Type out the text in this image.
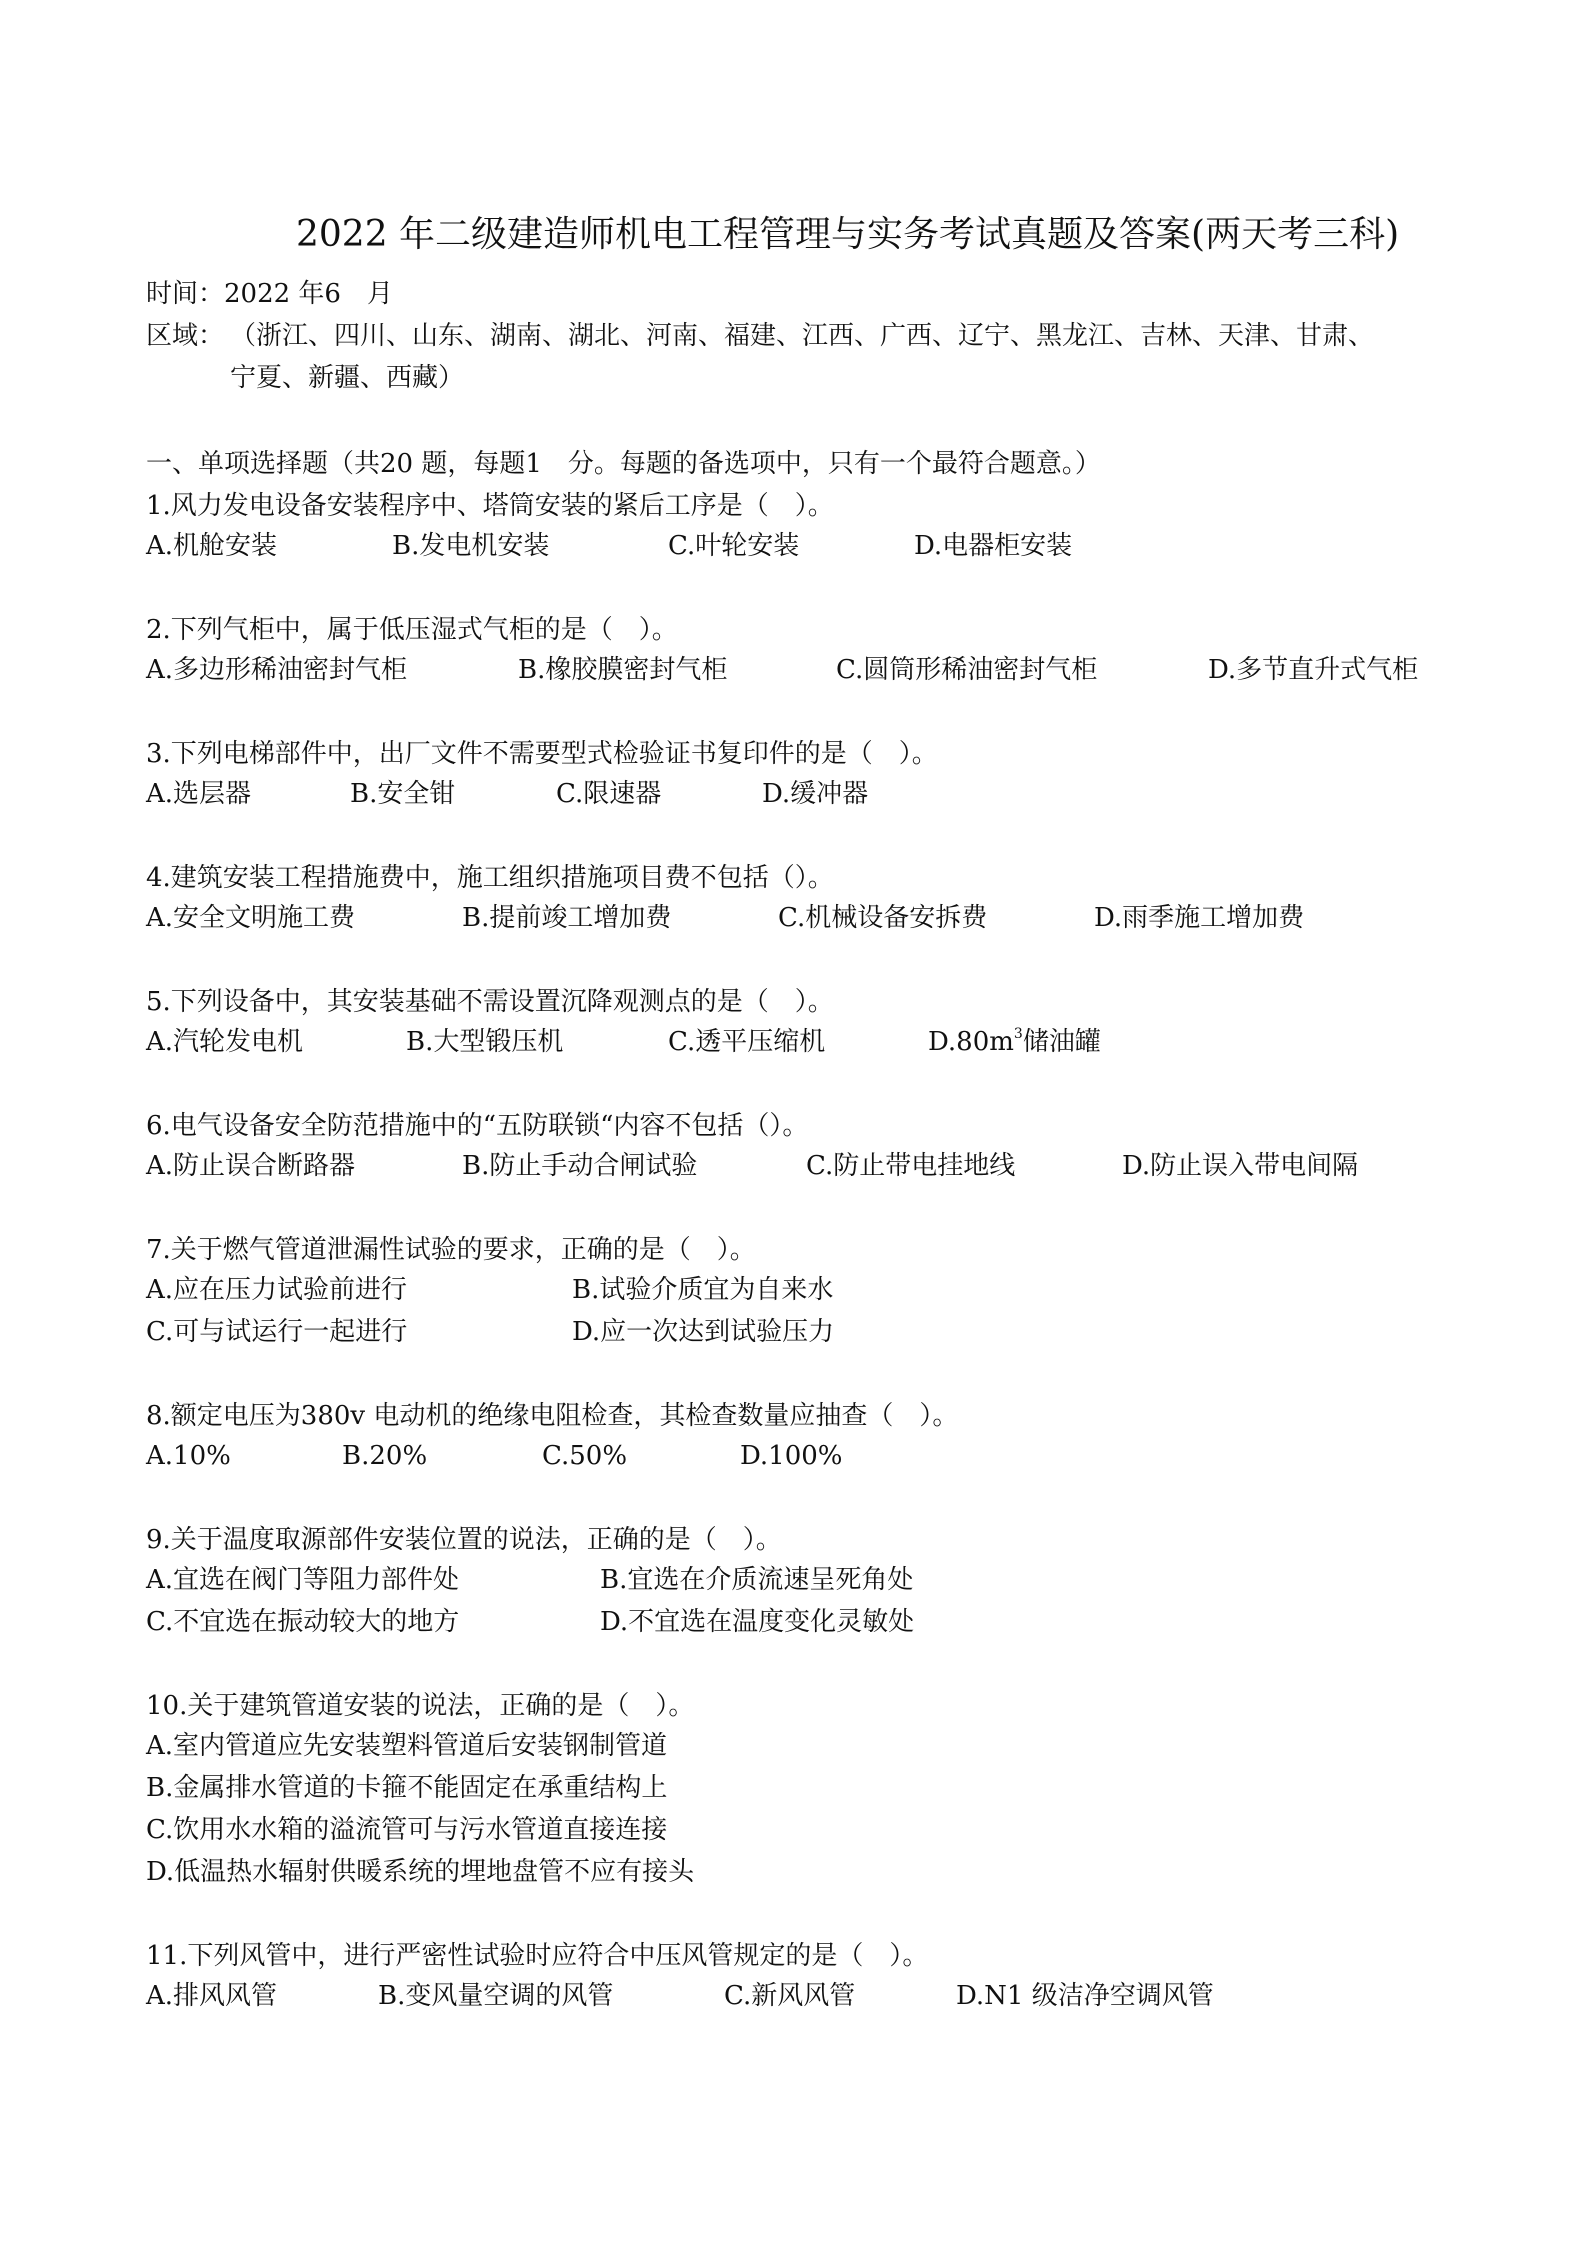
2022 年二级建造师机电工程管理与实务考试真题及答案(两天考三科)
时间：2022 年6　月
区域： （浙江、四川、山东、湖南、湖北、河南、福建、江西、广西、辽宁、黑龙江、吉林、天津、甘肃、
宁夏、新疆、西藏）
一、单项选择题（共20 题，每题1　分。每题的备选项中，只有一个最符合题意。）
1.风力发电设备安装程序中、塔筒安装的紧后工序是（　）。
A.机舱安装	B.发电机安装	C.叶轮安装	D.电器柜安装
2.下列气柜中，属于低压湿式气柜的是（　）。
A.多边形稀油密封气柜	B.橡胶膜密封气柜	C.圆筒形稀油密封气柜	D.多节直升式气柜
3.下列电梯部件中，出厂文件不需要型式检验证书复印件的是（　）。
A.选层器	B.安全钳	C.限速器	D.缓冲器
4.建筑安装工程措施费中，施工组织措施项目费不包括（）。
A.安全文明施工费	B.提前竣工增加费	C.机械设备安拆费	D.雨季施工增加费
5.下列设备中，其安装基础不需设置沉降观测点的是（　）。
A.汽轮发电机	B.大型锻压机	C.透平压缩机	$D.80m^3$储油罐
6.电气设备安全防范措施中的“五防联锁“内容不包括（）。
A.防止误合断路器	B.防止手动合闸试验	C.防止带电挂地线	D.防止误入带电间隔
7.关于燃气管道泄漏性试验的要求，正确的是（　）。
A.应在压力试验前进行	B.试验介质宜为自来水
C.可与试运行一起进行	D.应一次达到试验压力
8.额定电压为380v 电动机的绝缘电阻检查，其检查数量应抽查（　）。
A.10%	B.20%	C.50%	D.100%
9.关于温度取源部件安装位置的说法，正确的是（　）。
A.宜选在阀门等阻力部件处	B.宜选在介质流速呈死角处
C.不宜选在振动较大的地方	D.不宜选在温度变化灵敏处
10.关于建筑管道安装的说法，正确的是（　）。
A.室内管道应先安装塑料管道后安装钢制管道
B.金属排水管道的卡箍不能固定在承重结构上
C.饮用水水箱的溢流管可与污水管道直接连接
D.低温热水辐射供暖系统的埋地盘管不应有接头
11.下列风管中，进行严密性试验时应符合中压风管规定的是（　）。
A.排风风管	B.变风量空调的风管	C.新风风管	D.N1 级洁净空调风管
